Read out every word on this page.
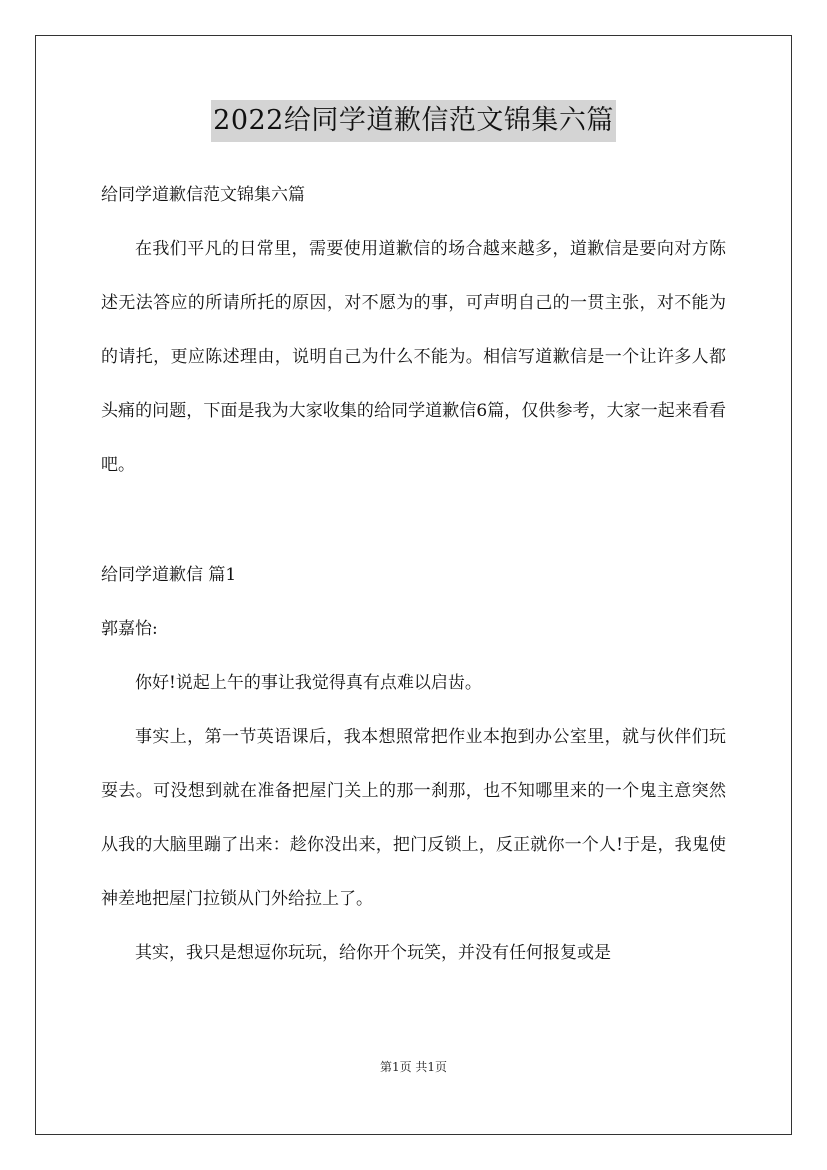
2022给同学道歉信范文锦集六篇

给同学道歉信范文锦集六篇

在我们平凡的日常里，需要使用道歉信的场合越来越多，道歉信是要向对方陈述无法答应的所请所托的原因，对不愿为的事，可声明自己的一贯主张，对不能为的请托，更应陈述理由，说明自己为什么不能为。相信写道歉信是一个让许多人都头痛的问题，下面是我为大家收集的给同学道歉信6篇，仅供参考，大家一起来看看吧。

给同学道歉信 篇1

郭嘉怡:

你好!说起上午的事让我觉得真有点难以启齿。

事实上，第一节英语课后，我本想照常把作业本抱到办公室里，就与伙伴们玩耍去。可没想到就在准备把屋门关上的那一刹那，也不知哪里来的一个鬼主意突然从我的大脑里蹦了出来：趁你没出来，把门反锁上，反正就你一个人!于是，我鬼使神差地把屋门拉锁从门外给拉上了。

其实，我只是想逗你玩玩，给你开个玩笑，并没有任何报复或是

第1页 共1页
